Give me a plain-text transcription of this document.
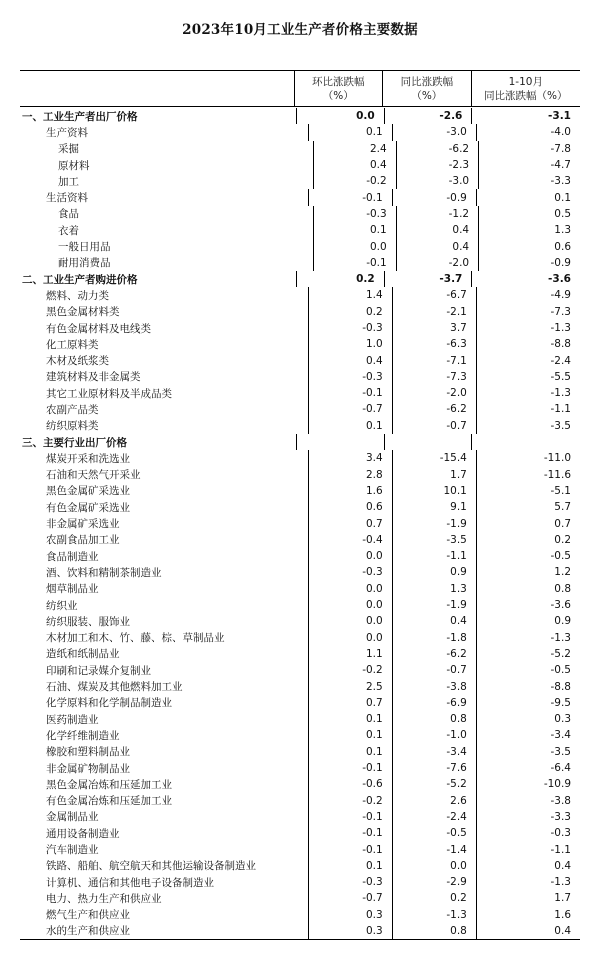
2023年10月工业生产者价格主要数据
环比涨跌幅
（%）
同比涨跌幅
（%）
1-10月
同比涨跌幅（%）
一、工业生产者出厂价格	0.0	-2.6	-3.1
生产资料	0.1	-3.0	-4.0
采掘	2.4	-6.2	-7.8
原材料	0.4	-2.3	-4.7
加工	-0.2	-3.0	-3.3
生活资料	-0.1	-0.9	0.1
食品	-0.3	-1.2	0.5
衣着	0.1	0.4	1.3
一般日用品	0.0	0.4	0.6
耐用消费品	-0.1	-2.0	-0.9
二、工业生产者购进价格	0.2	-3.7	-3.6
燃料、动力类	1.4	-6.7	-4.9
黑色金属材料类	0.2	-2.1	-7.3
有色金属材料及电线类	-0.3	3.7	-1.3
化工原料类	1.0	-6.3	-8.8
木材及纸浆类	0.4	-7.1	-2.4
建筑材料及非金属类	-0.3	-7.3	-5.5
其它工业原材料及半成品类	-0.1	-2.0	-1.3
农副产品类	-0.7	-6.2	-1.1
纺织原料类	0.1	-0.7	-3.5
三、主要行业出厂价格
煤炭开采和洗选业	3.4	-15.4	-11.0
石油和天然气开采业	2.8	1.7	-11.6
黑色金属矿采选业	1.6	10.1	-5.1
有色金属矿采选业	0.6	9.1	5.7
非金属矿采选业	0.7	-1.9	0.7
农副食品加工业	-0.4	-3.5	0.2
食品制造业	0.0	-1.1	-0.5
酒、饮料和精制茶制造业	-0.3	0.9	1.2
烟草制品业	0.0	1.3	0.8
纺织业	0.0	-1.9	-3.6
纺织服装、服饰业	0.0	0.4	0.9
木材加工和木、竹、藤、棕、草制品业	0.0	-1.8	-1.3
造纸和纸制品业	1.1	-6.2	-5.2
印刷和记录媒介复制业	-0.2	-0.7	-0.5
石油、煤炭及其他燃料加工业	2.5	-3.8	-8.8
化学原料和化学制品制造业	0.7	-6.9	-9.5
医药制造业	0.1	0.8	0.3
化学纤维制造业	0.1	-1.0	-3.4
橡胶和塑料制品业	0.1	-3.4	-3.5
非金属矿物制品业	-0.1	-7.6	-6.4
黑色金属冶炼和压延加工业	-0.6	-5.2	-10.9
有色金属冶炼和压延加工业	-0.2	2.6	-3.8
金属制品业	-0.1	-2.4	-3.3
通用设备制造业	-0.1	-0.5	-0.3
汽车制造业	-0.1	-1.4	-1.1
铁路、船舶、航空航天和其他运输设备制造业	0.1	0.0	0.4
计算机、通信和其他电子设备制造业	-0.3	-2.9	-1.3
电力、热力生产和供应业	-0.7	0.2	1.7
燃气生产和供应业	0.3	-1.3	1.6
水的生产和供应业	0.3	0.8	0.4
